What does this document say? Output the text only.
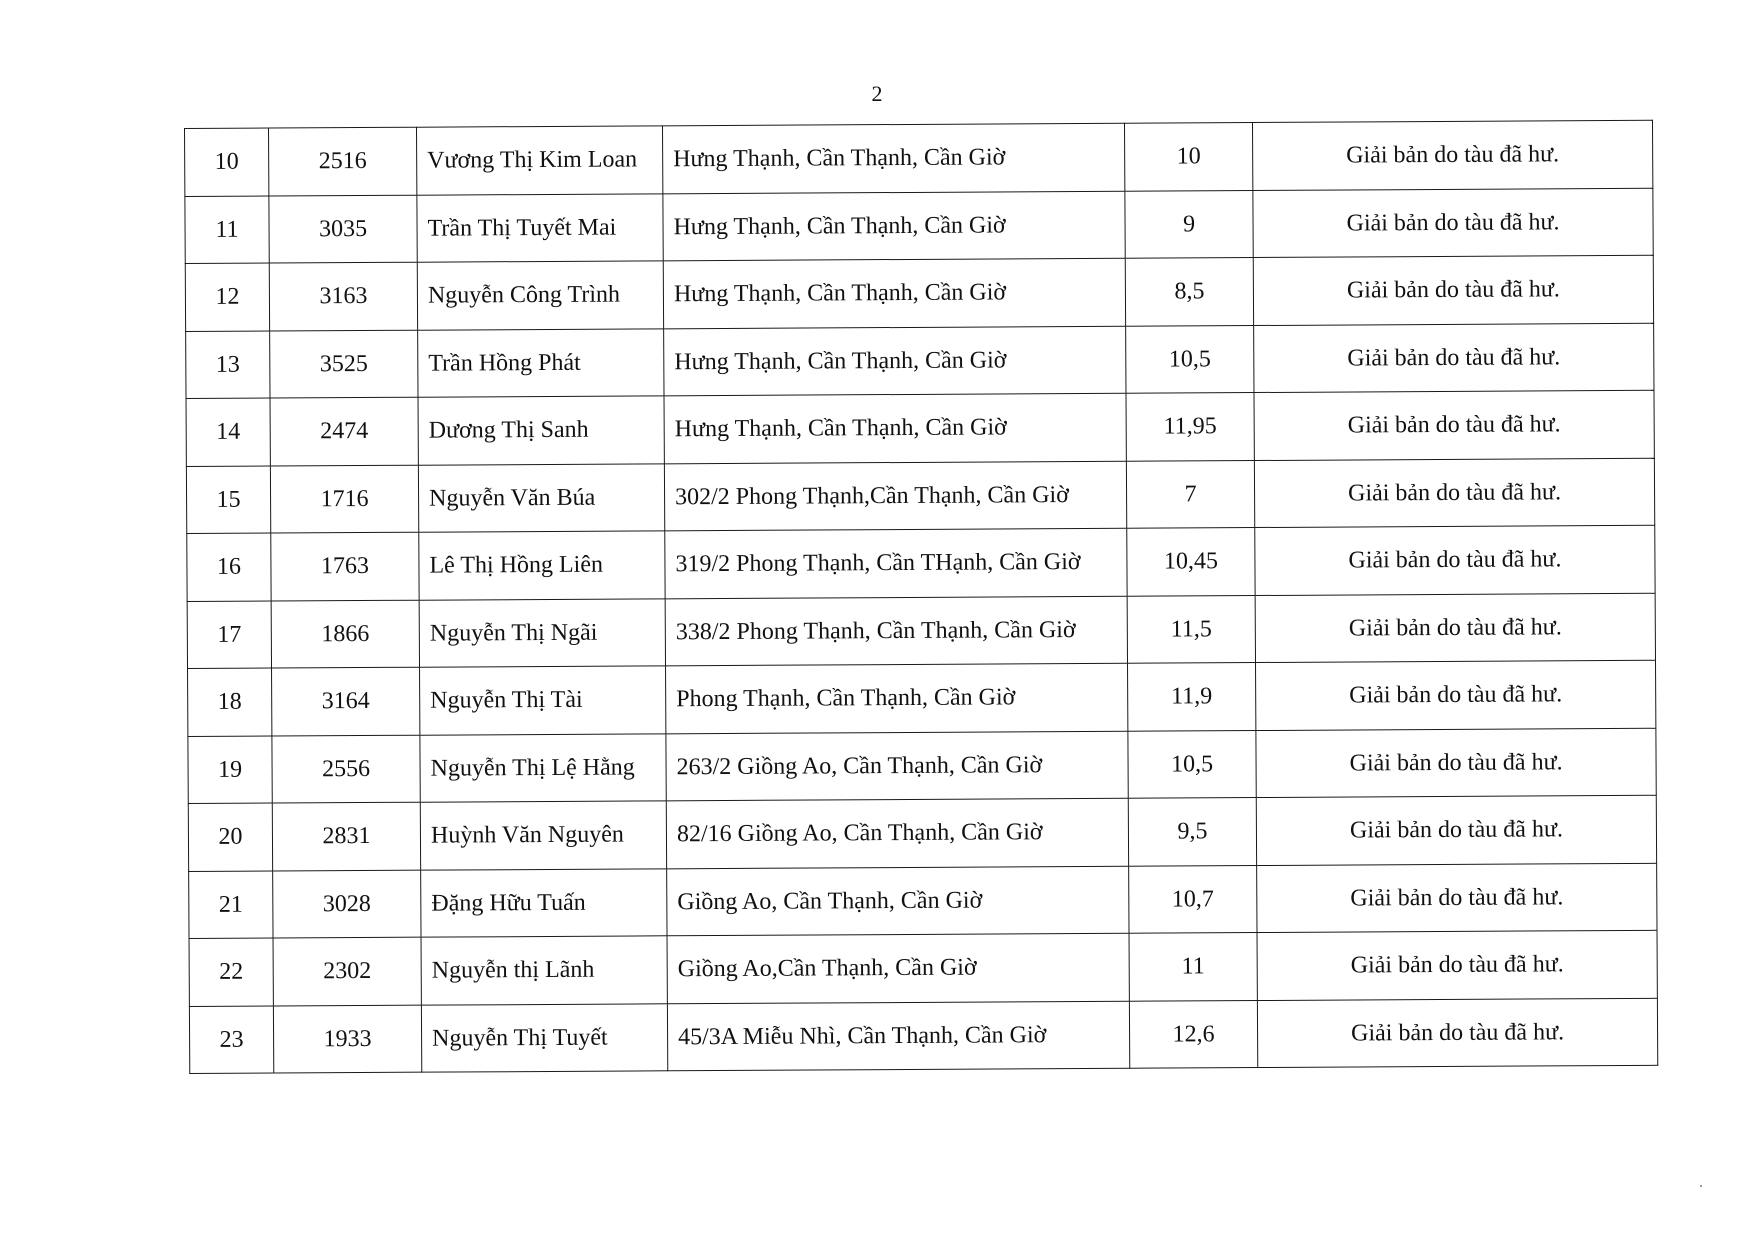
2
10	2516	Vương Thị Kim Loan	Hưng Thạnh, Cần Thạnh, Cần Giờ	10	Giải bản do tàu đã hư.
11	3035	Trần Thị Tuyết Mai	Hưng Thạnh, Cần Thạnh, Cần Giờ	9	Giải bản do tàu đã hư.
12	3163	Nguyễn Công Trình	Hưng Thạnh, Cần Thạnh, Cần Giờ	8,5	Giải bản do tàu đã hư.
13	3525	Trần Hồng Phát	Hưng Thạnh, Cần Thạnh, Cần Giờ	10,5	Giải bản do tàu đã hư.
14	2474	Dương Thị Sanh	Hưng Thạnh, Cần Thạnh, Cần Giờ	11,95	Giải bản do tàu đã hư.
15	1716	Nguyễn Văn Búa	302/2 Phong Thạnh,Cần Thạnh, Cần Giờ	7	Giải bản do tàu đã hư.
16	1763	Lê Thị Hồng Liên	319/2 Phong Thạnh, Cần THạnh, Cần Giờ	10,45	Giải bản do tàu đã hư.
17	1866	Nguyễn Thị Ngãi	338/2 Phong Thạnh, Cần Thạnh, Cần Giờ	11,5	Giải bản do tàu đã hư.
18	3164	Nguyễn Thị Tài	Phong Thạnh, Cần Thạnh, Cần Giờ	11,9	Giải bản do tàu đã hư.
19	2556	Nguyễn Thị Lệ Hằng	263/2 Giồng Ao, Cần Thạnh, Cần Giờ	10,5	Giải bản do tàu đã hư.
20	2831	Huỳnh Văn Nguyên	82/16 Giồng Ao, Cần Thạnh, Cần Giờ	9,5	Giải bản do tàu đã hư.
21	3028	Đặng Hữu Tuấn	Giồng Ao, Cần Thạnh, Cần Giờ	10,7	Giải bản do tàu đã hư.
22	2302	Nguyễn thị Lãnh	Giồng Ao,Cần Thạnh, Cần Giờ	11	Giải bản do tàu đã hư.
23	1933	Nguyễn Thị Tuyết	45/3A Miễu Nhì, Cần Thạnh, Cần Giờ	12,6	Giải bản do tàu đã hư.
